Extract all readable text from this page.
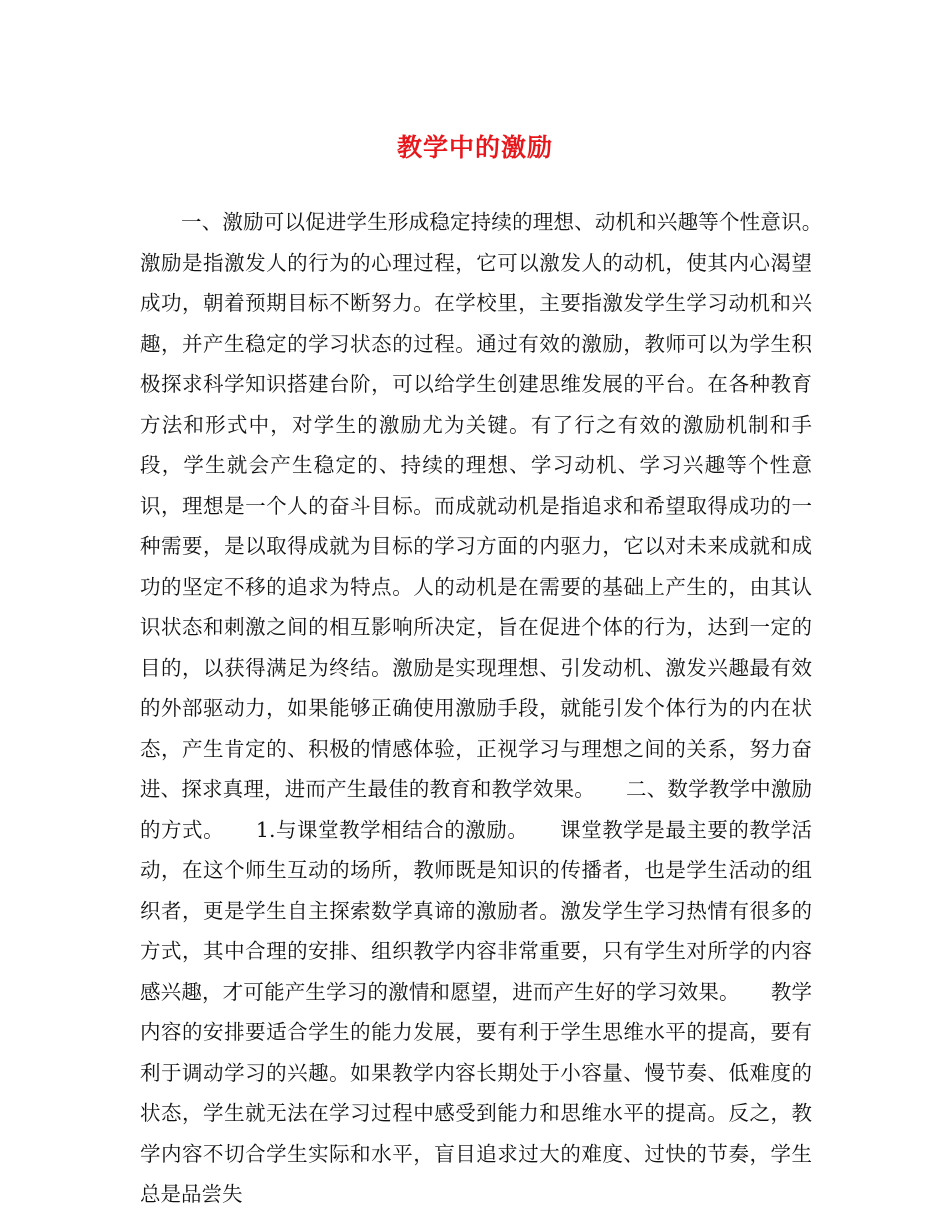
教学中的激励

一、激励可以促进学生形成稳定持续的理想、动机和兴趣等个性意识。　　激励是指激发人的行为的心理过程，它可以激发人的动机，使其内心渴望成功，朝着预期目标不断努力。在学校里，主要指激发学生学习动机和兴趣，并产生稳定的学习状态的过程。通过有效的激励，教师可以为学生积极探求科学知识搭建台阶，可以给学生创建思维发展的平台。在各种教育方法和形式中，对学生的激励尤为关键。有了行之有效的激励机制和手段，学生就会产生稳定的、持续的理想、学习动机、学习兴趣等个性意识，理想是一个人的奋斗目标。而成就动机是指追求和希望取得成功的一种需要，是以取得成就为目标的学习方面的内驱力，它以对未来成就和成功的坚定不移的追求为特点。人的动机是在需要的基础上产生的，由其认识状态和刺激之间的相互影响所决定，旨在促进个体的行为，达到一定的目的，以获得满足为终结。激励是实现理想、引发动机、激发兴趣最有效的外部驱动力，如果能够正确使用激励手段，就能引发个体行为的内在状态，产生肯定的、积极的情感体验，正视学习与理想之间的关系，努力奋进、探求真理，进而产生最佳的教育和教学效果。　　二、数学教学中激励的方式。　　1.与课堂教学相结合的激励。　　课堂教学是最主要的教学活动，在这个师生互动的场所，教师既是知识的传播者，也是学生活动的组织者，更是学生自主探索数学真谛的激励者。激发学生学习热情有很多的方式，其中合理的安排、组织教学内容非常重要，只有学生对所学的内容感兴趣，才可能产生学习的激情和愿望，进而产生好的学习效果。　　教学内容的安排要适合学生的能力发展，要有利于学生思维水平的提高，要有利于调动学习的兴趣。如果教学内容长期处于小容量、慢节奏、低难度的状态，学生就无法在学习过程中感受到能力和思维水平的提高。反之，教学内容不切合学生实际和水平，盲目追求过大的难度、过快的节奏，学生总是品尝失
